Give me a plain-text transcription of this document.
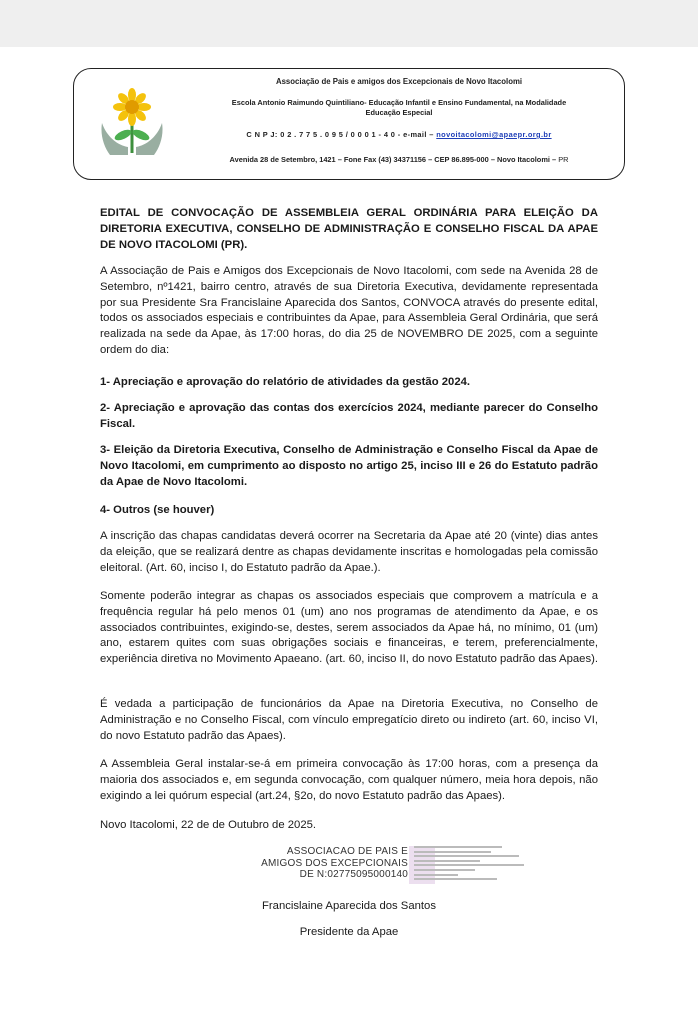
Associação de Pais e amigos dos Excepcionais de Novo Itacolomi
Escola Antonio Raimundo Quintiliano- Educação Infantil e Ensino Fundamental, na Modalidade
Educação Especial
C N P J: 0 2 . 7 7 5 . 0 9 5 / 0 0 0 1 - 4 0 - e-mail – novoitacolomi@apaepr.org.br
Avenida 28 de Setembro, 1421 – Fone Fax (43) 34371156 – CEP 86.895-000 – Novo Itacolomi – PR
EDITAL DE CONVOCAÇÃO DE ASSEMBLEIA GERAL ORDINÁRIA PARA ELEIÇÃO DA DIRETORIA EXECUTIVA, CONSELHO DE ADMINISTRAÇÃO E CONSELHO FISCAL DA APAE DE NOVO ITACOLOMI (PR).
A Associação de Pais e Amigos dos Excepcionais de Novo Itacolomi, com sede na Avenida 28 de Setembro, nº1421, bairro centro, através de sua Diretoria Executiva, devidamente representada por sua Presidente Sra Francislaine Aparecida dos Santos, CONVOCA através do presente edital, todos os associados especiais e contribuintes da Apae, para Assembleia Geral Ordinária, que será realizada na sede da Apae, às 17:00 horas, do dia 25 de NOVEMBRO DE 2025, com a seguinte ordem do dia:
1- Apreciação e aprovação do relatório de atividades da gestão 2024.
2- Apreciação e aprovação das contas dos exercícios 2024, mediante parecer do Conselho Fiscal.
3- Eleição da Diretoria Executiva, Conselho de Administração e Conselho Fiscal da Apae de Novo Itacolomi, em cumprimento ao disposto no artigo 25, inciso III e 26 do Estatuto padrão da Apae de Novo Itacolomi.
4- Outros (se houver)
A inscrição das chapas candidatas deverá ocorrer na Secretaria da Apae até 20 (vinte) dias antes da eleição, que se realizará dentre as chapas devidamente inscritas e homologadas pela comissão eleitoral. (Art. 60, inciso I, do Estatuto padrão da Apae.).
Somente poderão integrar as chapas os associados especiais que comprovem a matrícula e a frequência regular há pelo menos 01 (um) ano nos programas de atendimento da Apae, e os associados contribuintes, exigindo-se, destes, serem associados da Apae há, no mínimo, 01 (um) ano, estarem quites com suas obrigações sociais e financeiras, e terem, preferencialmente, experiência diretiva no Movimento Apaeano. (art. 60, inciso II, do novo Estatuto padrão das Apaes).
É vedada a participação de funcionários da Apae na Diretoria Executiva, no Conselho de Administração e no Conselho Fiscal, com vínculo empregatício direto ou indireto (art. 60, inciso VI, do novo Estatuto padrão das Apaes).
A Assembleia Geral instalar-se-á em primeira convocação às 17:00 horas, com a presença da maioria dos associados e, em segunda convocação, com qualquer número, meia hora depois, não exigindo a lei quórum especial (art.24, §2o, do novo Estatuto padrão das Apaes).
Novo Itacolomi, 22 de de Outubro de 2025.
ASSOCIACAO DE PAIS E
AMIGOS DOS EXCEPCIONAIS
DE N:02775095000140
Francislaine Aparecida dos Santos
Presidente da Apae
